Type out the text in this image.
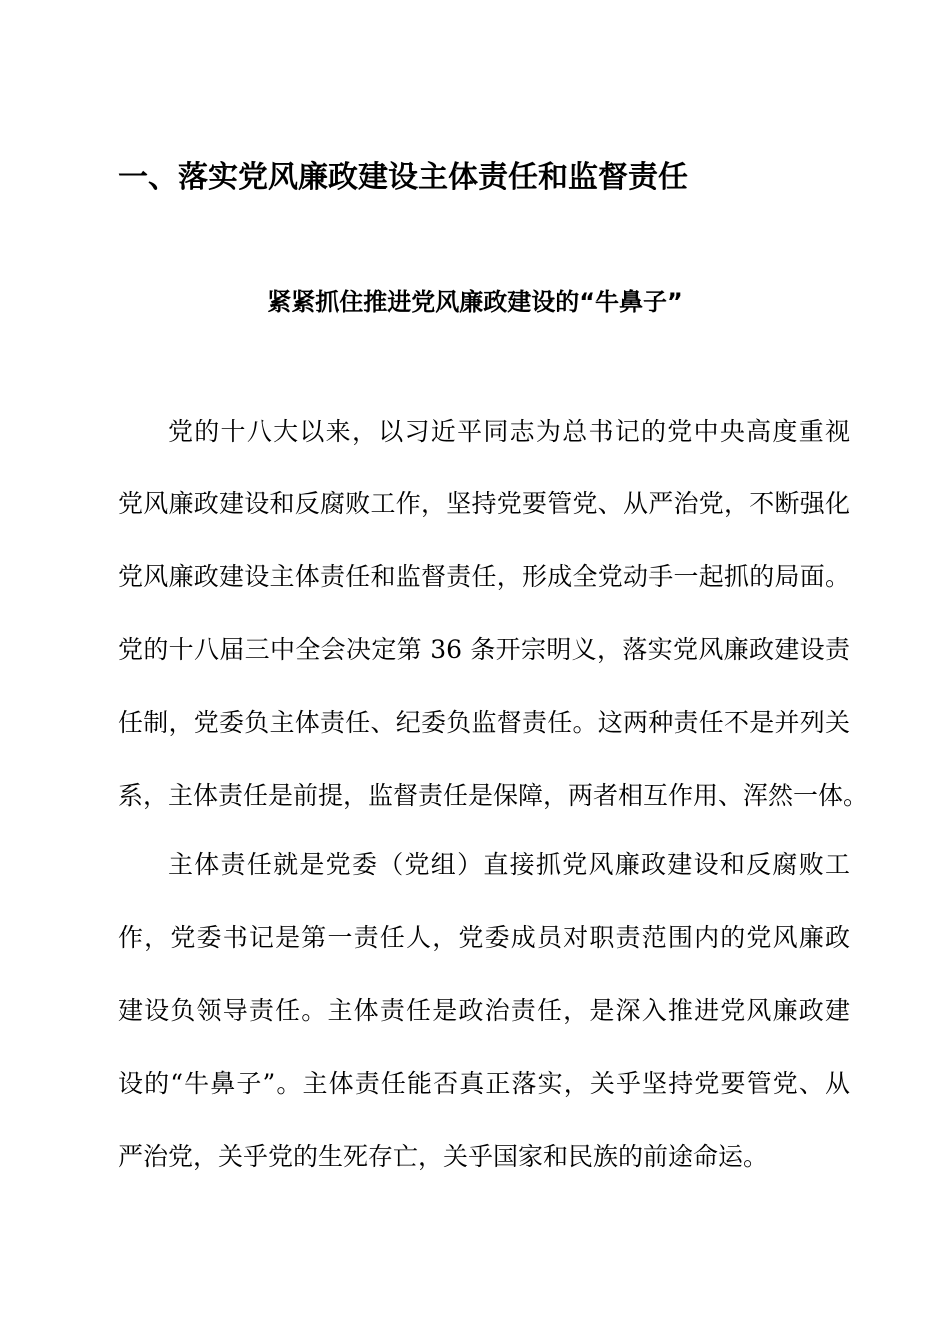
一、落实党风廉政建设主体责任和监督责任
紧紧抓住推进党风廉政建设的“牛鼻子”
党的十八大以来，以习近平同志为总书记的党中央高度重视
党风廉政建设和反腐败工作，坚持党要管党、从严治党，不断强化
党风廉政建设主体责任和监督责任，形成全党动手一起抓的局面。
党的十八届三中全会决定第 36 条开宗明义，落实党风廉政建设责
任制，党委负主体责任、纪委负监督责任。这两种责任不是并列关
系，主体责任是前提，监督责任是保障，两者相互作用、浑然一体。
主体责任就是党委（党组）直接抓党风廉政建设和反腐败工
作，党委书记是第一责任人，党委成员对职责范围内的党风廉政
建设负领导责任。主体责任是政治责任，是深入推进党风廉政建
设的“牛鼻子”。主体责任能否真正落实，关乎坚持党要管党、从
严治党，关乎党的生死存亡，关乎国家和民族的前途命运。
